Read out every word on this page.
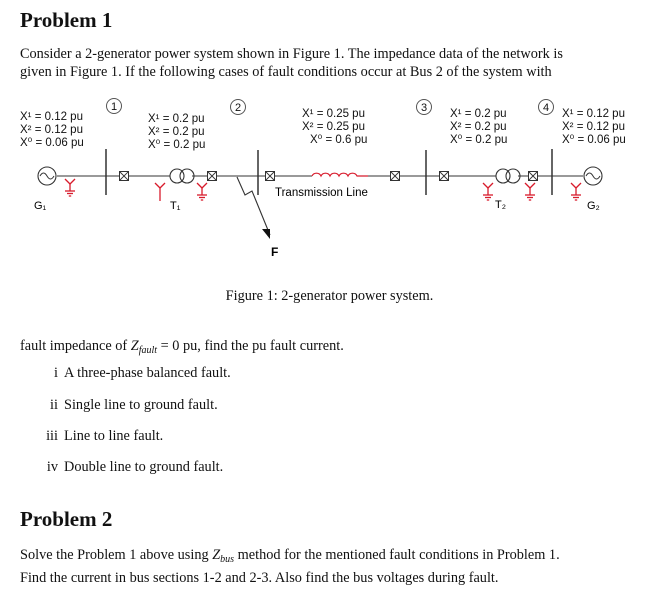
Problem 1

Consider a 2-generator power system shown in Figure 1. The impedance data of the network is
given in Figure 1. If the following cases of fault conditions occur at Bus 2 of the system with

X¹ = 0.12 pu
X² = 0.12 pu
X⁰ = 0.06 pu
X¹ = 0.2 pu
X² = 0.2 pu
X⁰ = 0.2 pu
X¹ = 0.25 pu
X² = 0.25 pu
X⁰ = 0.6 pu
X¹ = 0.2 pu
X² = 0.2 pu
X⁰ = 0.2 pu
X¹ = 0.12 pu
X² = 0.12 pu
X⁰ = 0.06 pu
1	2	3	4
G₁	T₁
F
Transmission Line
T₂	G₂
Figure 1: 2-generator power system.

fault impedance of $Z_{fault} = 0$ pu, find the pu fault current.

i A three-phase balanced fault.
ii Single line to ground fault.
iii Line to line fault.
iv Double line to ground fault.
Problem 2

Solve the Problem 1 above using $Z_{bus}$ method for the mentioned fault conditions in Problem 1.
Find the current in bus sections 1-2 and 2-3. Also find the bus voltages during fault.
